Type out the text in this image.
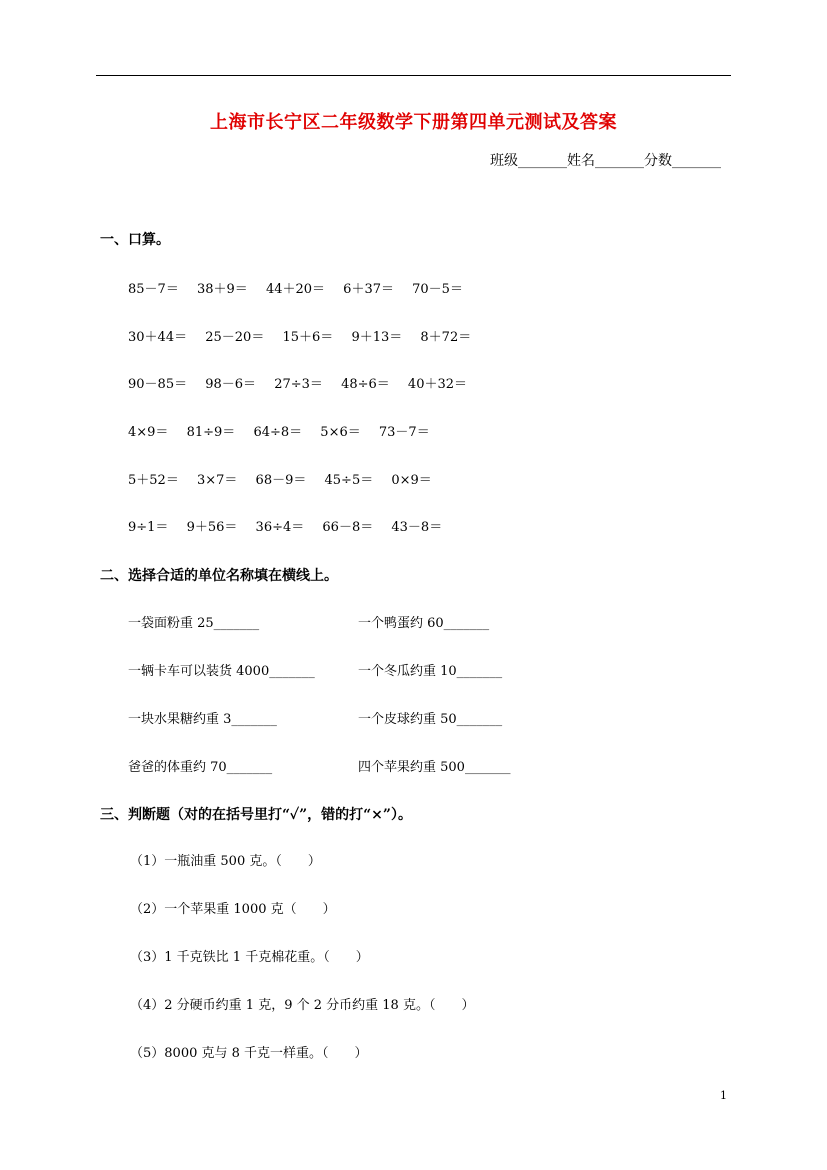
上海市长宁区二年级数学下册第四单元测试及答案
班级_______姓名_______分数_______
一、口算。
85－7＝ 38＋9＝ 44＋20＝ 6＋37＝ 70－5＝
30＋44＝ 25－20＝ 15＋6＝ 9＋13＝ 8＋72＝
90－85＝ 98－6＝ 27÷3＝ 48÷6＝ 40＋32＝
4×9＝ 81÷9＝ 64÷8＝ 5×6＝ 73－7＝
5＋52＝ 3×7＝ 68－9＝ 45÷5＝ 0×9＝
9÷1＝ 9＋56＝ 36÷4＝ 66－8＝ 43－8＝
二、选择合适的单位名称填在横线上。
一袋面粉重 25_______	一个鸭蛋约 60_______
一辆卡车可以装货 4000_______	一个冬瓜约重 10_______
一块水果糖约重 3_______	一个皮球约重 50_______
爸爸的体重约 70_______	四个苹果约重 500_______
三、判断题（对的在括号里打“✓”，错的打“×”）。
（1）一瓶油重 500 克。（　　）
（2）一个苹果重 1000 克（　　）
（3）1 千克铁比 1 千克棉花重。（　　）
（4）2 分硬币约重 1 克，9 个 2 分币约重 18 克。（　　）
（5）8000 克与 8 千克一样重。（　　）
1
